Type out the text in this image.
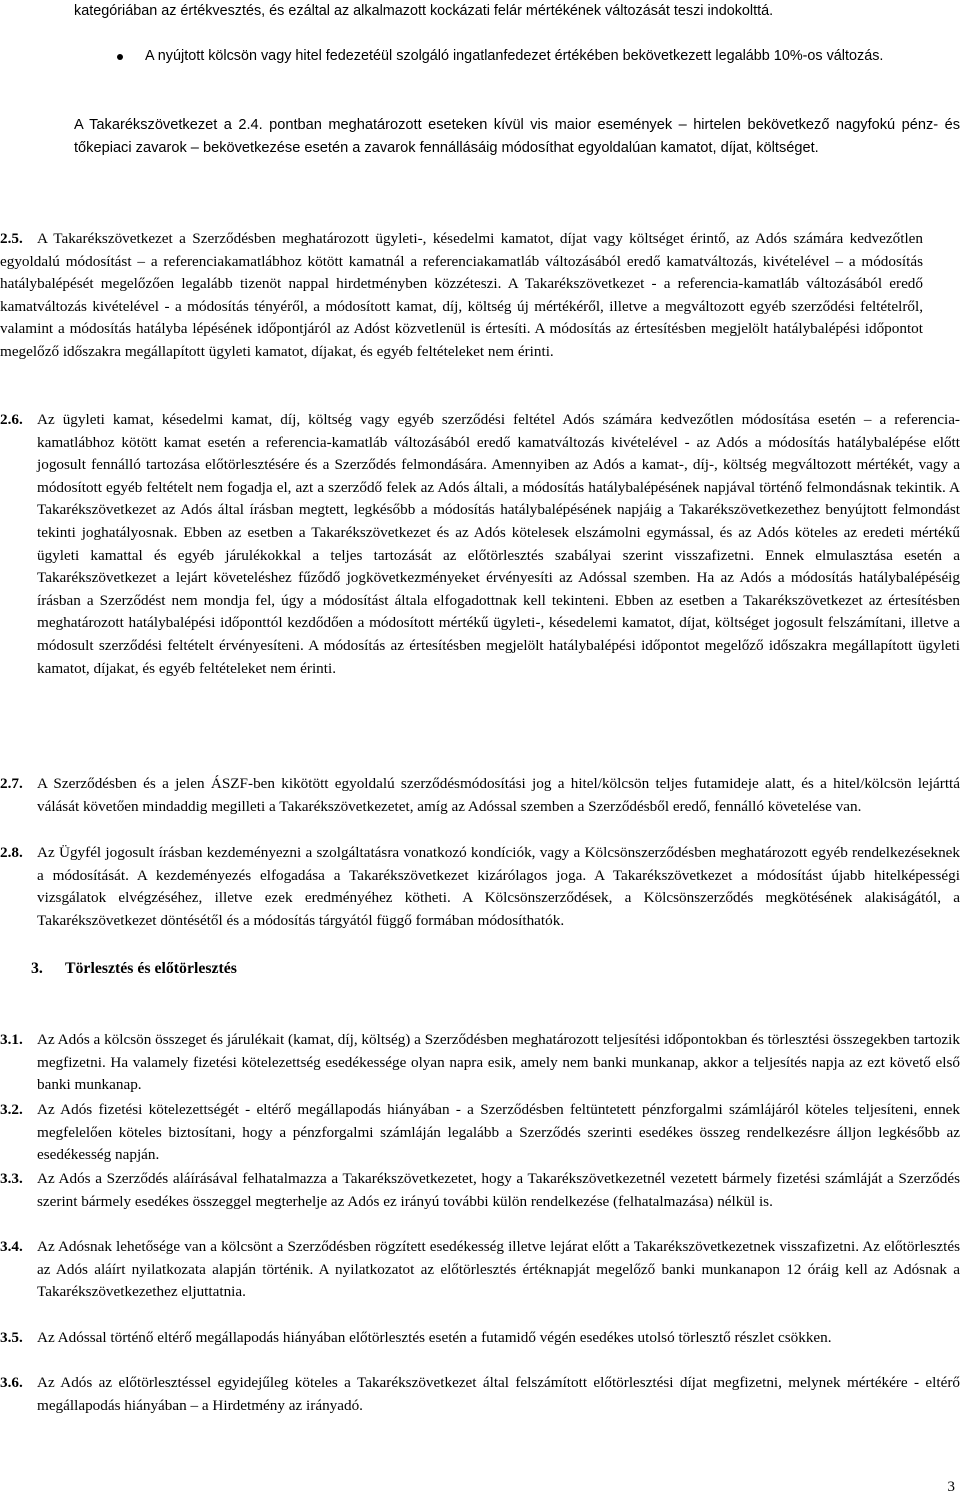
kategóriában az értékvesztés, és ezáltal az alkalmazott kockázati felár mértékének változását teszi indokolttá.
A nyújtott kölcsön vagy hitel fedezetéül szolgáló ingatlanfedezet értékében bekövetkezett legalább 10%-os változás.
A Takarékszövetkezet a 2.4. pontban meghatározott eseteken kívül vis maior események – hirtelen bekövetkező nagyfokú pénz- és tőkepiaci zavarok – bekövetkezése esetén a zavarok fennállásáig módosíthat egyoldalúan kamatot, díjat, költséget.
2.5. A Takarékszövetkezet a Szerződésben meghatározott ügyleti-, késedelmi kamatot, díjat vagy költséget érintő, az Adós számára kedvezőtlen egyoldalú módosítást – a referenciakamatlábhoz kötött kamatnál a referenciakamatláb változásából eredő kamatváltozás, kivételével – a módosítás hatálybalépését megelőzően legalább tizenöt nappal hirdetményben közzéteszi. A Takarékszövetkezet - a referencia-kamatláb változásából eredő kamatváltozás kivételével - a módosítás tényéről, a módosított kamat, díj, költség új mértékéről, illetve a megváltozott egyéb szerződési feltételről, valamint a módosítás hatályba lépésének időpontjáról az Adóst közvetlenül is értesíti. A módosítás az értesítésben megjelölt hatálybalépési időpontot megelőző időszakra megállapított ügyleti kamatot, díjakat, és egyéb feltételeket nem érinti.
2.6. Az ügyleti kamat, késedelmi kamat, díj, költség vagy egyéb szerződési feltétel Adós számára kedvezőtlen módosítása esetén – a referencia-kamatlábhoz kötött kamat esetén a referencia-kamatláb változásából eredő kamatváltozás kivételével - az Adós a módosítás hatálybalépése előtt jogosult fennálló tartozása előtörlesztésére és a Szerződés felmondására. Amennyiben az Adós a kamat-, díj-, költség megváltozott mértékét, vagy a módosított egyéb feltételt nem fogadja el, azt a szerződő felek az Adós általi, a módosítás hatálybalépésének napjával történő felmondásnak tekintik. A Takarékszövetkezet az Adós által írásban megtett, legkésőbb a módosítás hatálybalépésének napjáig a Takarékszövetkezethez benyújtott felmondást tekinti joghatályosnak. Ebben az esetben a Takarékszövetkezet és az Adós kötelesek elszámolni egymással, és az Adós köteles az eredeti mértékű ügyleti kamattal és egyéb járulékokkal a teljes tartozását az előtörlesztés szabályai szerint visszafizetni. Ennek elmulasztása esetén a Takarékszövetkezet a lejárt követeléshez fűződő jogkövetkezményeket érvényesíti az Adóssal szemben. Ha az Adós a módosítás hatálybalépéséig írásban a Szerződést nem mondja fel, úgy a módosítást általa elfogadottnak kell tekinteni. Ebben az esetben a Takarékszövetkezet az értesítésben meghatározott hatálybalépési időponttól kezdődően a módosított mértékű ügyleti-, késedelemi kamatot, díjat, költséget jogosult felszámítani, illetve a módosult szerződési feltételt érvényesíteni. A módosítás az értesítésben megjelölt hatálybalépési időpontot megelőző időszakra megállapított ügyleti kamatot, díjakat, és egyéb feltételeket nem érinti.
2.7. A Szerződésben és a jelen ÁSZF-ben kikötött egyoldalú szerződésmódosítási jog a hitel/kölcsön teljes futamideje alatt, és a hitel/kölcsön lejárttá válását követően mindaddig megilleti a Takarékszövetkezetet, amíg az Adóssal szemben a Szerződésből eredő, fennálló követelése van.
2.8. Az Ügyfél jogosult írásban kezdeményezni a szolgáltatásra vonatkozó kondíciók, vagy a Kölcsönszerződésben meghatározott egyéb rendelkezéseknek a módosítását. A kezdeményezés elfogadása a Takarékszövetkezet kizárólagos joga. A Takarékszövetkezet a módosítást újabb hitelképességi vizsgálatok elvégzéséhez, illetve ezek eredményéhez kötheti. A Kölcsönszerződések, a Kölcsönszerződés megkötésének alakiságától, a Takarékszövetkezet döntésétől és a módosítás tárgyától függő formában módosíthatók.
3. Törlesztés és előtörlesztés
3.1. Az Adós a kölcsön összeget és járulékait (kamat, díj, költség) a Szerződésben meghatározott teljesítési időpontokban és törlesztési összegekben tartozik megfizetni. Ha valamely fizetési kötelezettség esedékessége olyan napra esik, amely nem banki munkanap, akkor a teljesítés napja az ezt követő első banki munkanap.
3.2. Az Adós fizetési kötelezettségét - eltérő megállapodás hiányában - a Szerződésben feltüntetett pénzforgalmi számlájáról köteles teljesíteni, ennek megfelelően köteles biztosítani, hogy a pénzforgalmi számláján legalább a Szerződés szerinti esedékes összeg rendelkezésre álljon legkésőbb az esedékesség napján.
3.3. Az Adós a Szerződés aláírásával felhatalmazza a Takarékszövetkezetet, hogy a Takarékszövetkezetnél vezetett bármely fizetési számláját a Szerződés szerint bármely esedékes összeggel megterhelje az Adós ez irányú további külön rendelkezése (felhatalmazása) nélkül is.
3.4. Az Adósnak lehetősége van a kölcsönt a Szerződésben rögzített esedékesség illetve lejárat előtt a Takarékszövetkezetnek visszafizetni. Az előtörlesztés az Adós aláírt nyilatkozata alapján történik. A nyilatkozatot az előtörlesztés értéknapját megelőző banki munkanapon 12 óráig kell az Adósnak a Takarékszövetkezethez eljuttatnia.
3.5. Az Adóssal történő eltérő megállapodás hiányában előtörlesztés esetén a futamidő végén esedékes utolsó törlesztő részlet csökken.
3.6. Az Adós az előtörlesztéssel egyidejűleg köteles a Takarékszövetkezet által felszámított előtörlesztési díjat megfizetni, melynek mértékére - eltérő megállapodás hiányában – a Hirdetmény az irányadó.
3
